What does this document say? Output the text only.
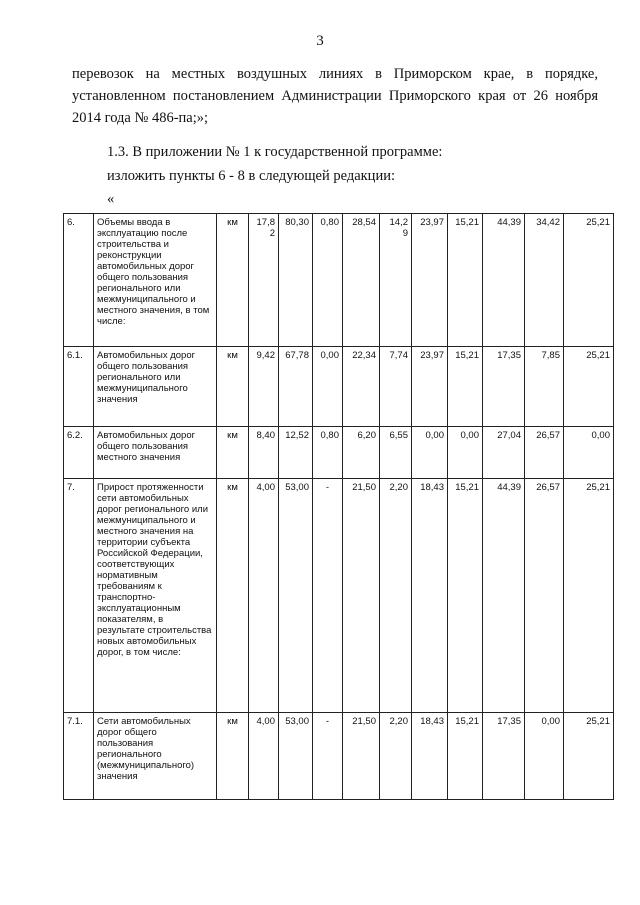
3
перевозок на местных воздушных линиях в Приморском крае, в порядке,
установленном постановлением Администрации Приморского края от 26 ноября
2014 года № 486-па;»;
1.3. В приложении № 1 к государственной программе:
изложить пункты 6 - 8 в следующей редакции:
«
6.	Объемы ввода в эксплуатацию после строительства и реконструкции автомобильных дорог общего пользования регионального или межмуниципального и местного значения, в том числе:	км	17,8 2	80,30	0,80	28,54	14,2 9	23,97	15,21	44,39	34,42	25,21
6.1.	Автомобильных дорог общего пользования регионального или межмуниципального значения	км	9,42	67,78	0,00	22,34	7,74	23,97	15,21	17,35	7,85	25,21
6.2.	Автомобильных дорог общего пользования местного значения	км	8,40	12,52	0,80	6,20	6,55	0,00	0,00	27,04	26,57	0,00
7.	Прирост протяженности сети автомобильных дорог регионального или межмуниципального и местного значения на территории субъекта Российской Федерации, соответствующих нормативным требованиям к транспортно-эксплуатационным показателям, в результате строительства новых автомобильных дорог, в том числе:	км	4,00	53,00	-	21,50	2,20	18,43	15,21	44,39	26,57	25,21
7.1.	Сети автомобильных дорог общего пользования регионального (межмуниципального) значения	км	4,00	53,00	-	21,50	2,20	18,43	15,21	17,35	0,00	25,21
